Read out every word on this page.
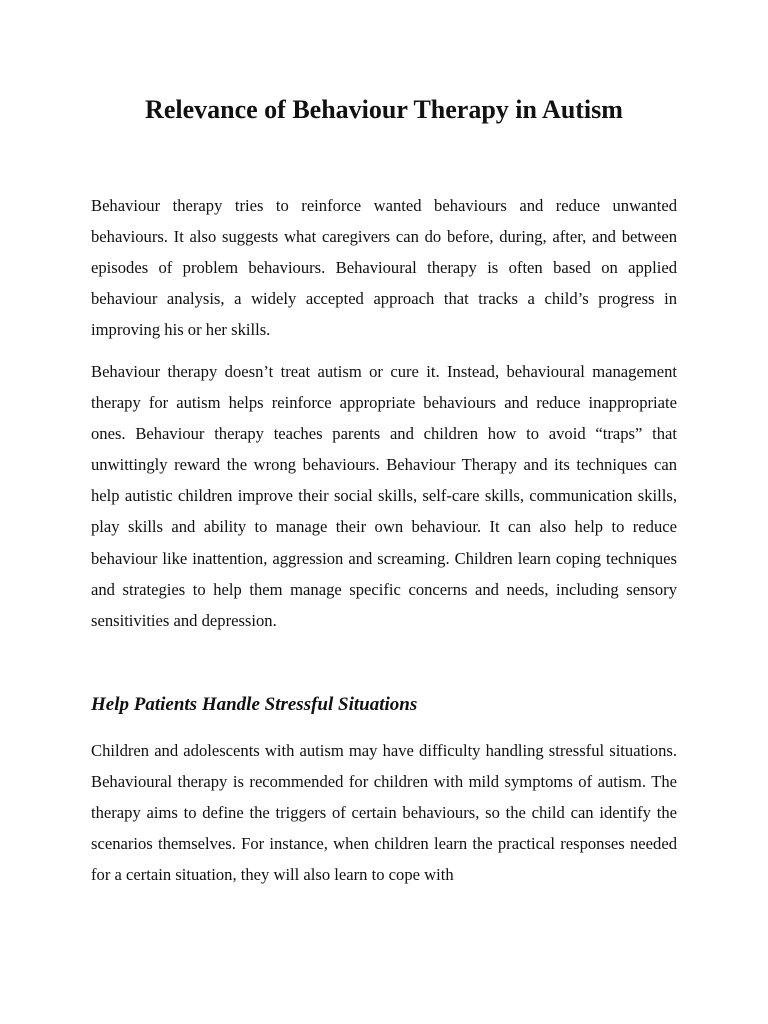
Relevance of Behaviour Therapy in Autism

Behaviour therapy tries to reinforce wanted behaviours and reduce unwanted behaviours. It also suggests what caregivers can do before, during, after, and between episodes of problem behaviours. Behavioural therapy is often based on applied behaviour analysis, a widely accepted approach that tracks a child’s progress in improving his or her skills.

Behaviour therapy doesn’t treat autism or cure it. Instead, behavioural management therapy for autism helps reinforce appropriate behaviours and reduce inappropriate ones. Behaviour therapy teaches parents and children how to avoid “traps” that unwittingly reward the wrong behaviours. Behaviour Therapy and its techniques can help autistic children improve their social skills, self-care skills, communication skills, play skills and ability to manage their own behaviour. It can also help to reduce behaviour like inattention, aggression and screaming. Children learn coping techniques and strategies to help them manage specific concerns and needs, including sensory sensitivities and depression.

Help Patients Handle Stressful Situations

Children and adolescents with autism may have difficulty handling stressful situations. Behavioural therapy is recommended for children with mild symptoms of autism. The therapy aims to define the triggers of certain behaviours, so the child can identify the scenarios themselves. For instance, when children learn the practical responses needed for a certain situation, they will also learn to cope with
